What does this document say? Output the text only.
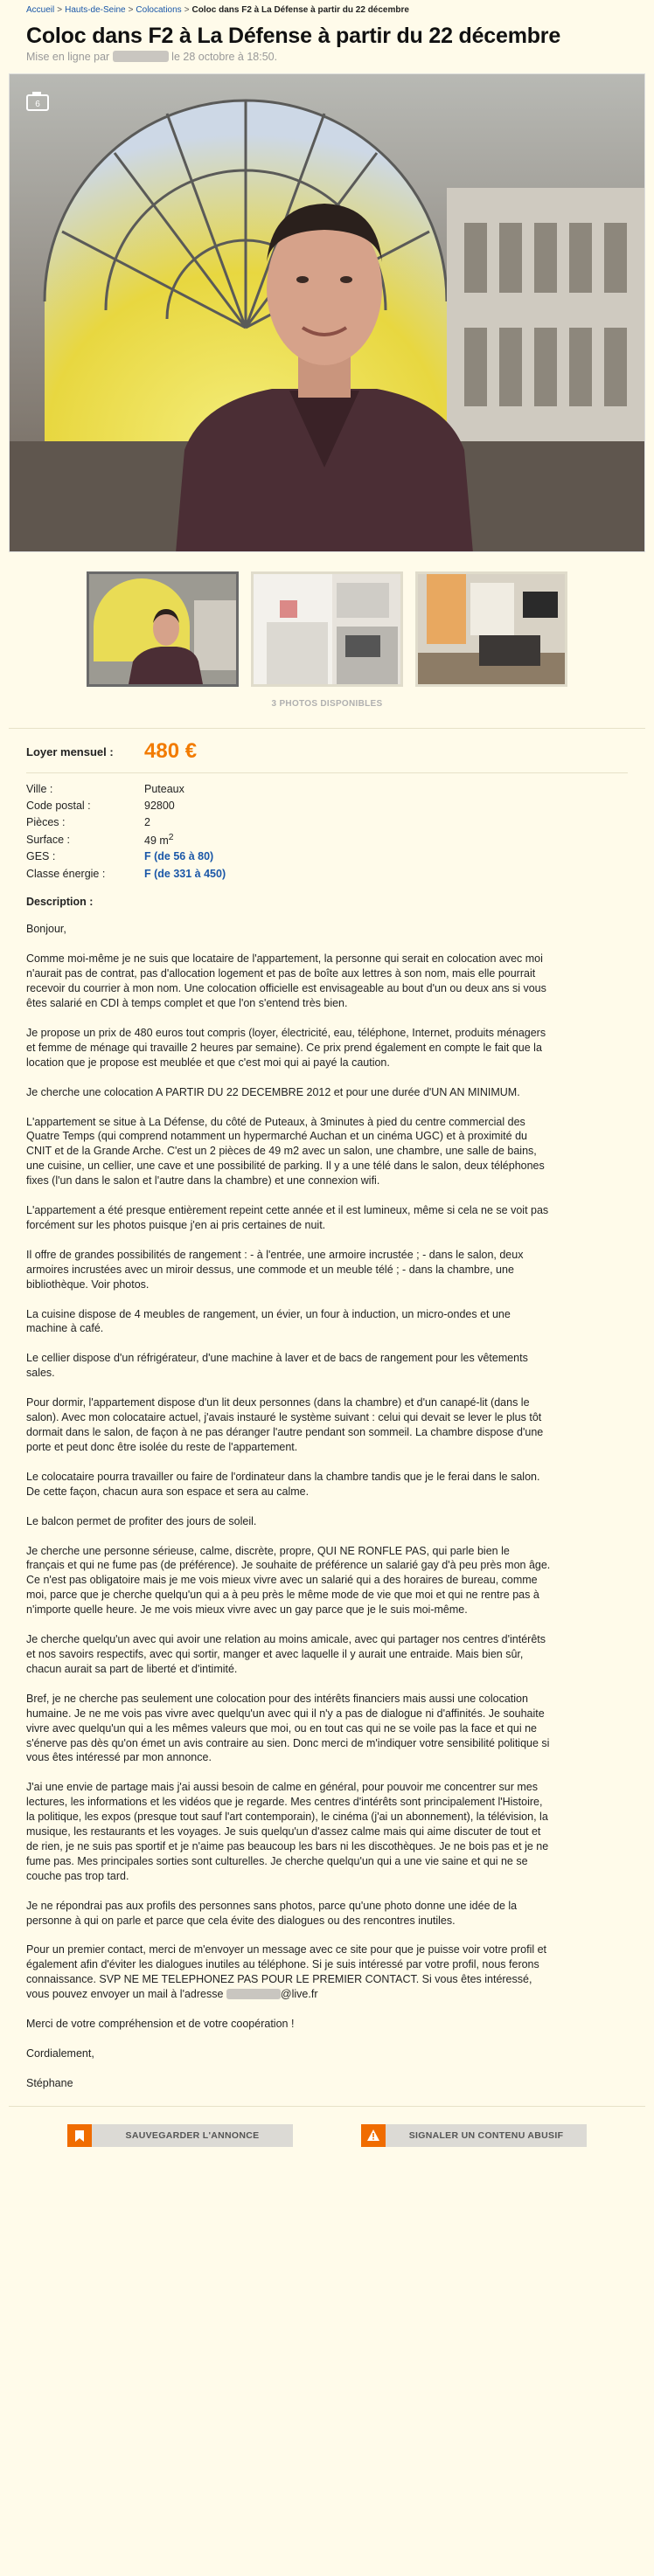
Accueil > Hauts-de-Seine > Colocations > Coloc dans F2 à La Défense à partir du 22 décembre
Coloc dans F2 à La Défense à partir du 22 décembre
Mise en ligne par	le 28 octobre à 18:50.
6
3 PHOTOS DISPONIBLES
Loyer mensuel :	480 €
Ville :	Puteaux
Code postal :	92800
Pièces :	2
Surface :	49 $m^2$
GES :	F (de 56 à 80)
Classe énergie :	F (de 331 à 450)
Description :

Bonjour,

Comme moi-même je ne suis que locataire de l'appartement, la personne qui serait en colocation avec moi n'aurait pas de contrat, pas d'allocation logement et pas de boîte aux lettres à son nom, mais elle pourrait recevoir du courrier à mon nom. Une colocation officielle est envisageable au bout d'un ou deux ans si vous êtes salarié en CDI à temps complet et que l'on s'entend très bien.

Je propose un prix de 480 euros tout compris (loyer, électricité, eau, téléphone, Internet, produits ménagers et femme de ménage qui travaille 2 heures par semaine). Ce prix prend également en compte le fait que la location que je propose est meublée et que c'est moi qui ai payé la caution.

Je cherche une colocation A PARTIR DU 22 DECEMBRE 2012 et pour une durée d'UN AN MINIMUM.

L'appartement se situe à La Défense, du côté de Puteaux, à 3minutes à pied du centre commercial des Quatre Temps (qui comprend notamment un hypermarché Auchan et un cinéma UGC) et à proximité du CNIT et de la Grande Arche. C'est un 2 pièces de 49 m2 avec un salon, une chambre, une salle de bains, une cuisine, un cellier, une cave et une possibilité de parking. Il y a une télé dans le salon, deux téléphones fixes (l'un dans le salon et l'autre dans la chambre) et une connexion wifi.

L'appartement a été presque entièrement repeint cette année et il est lumineux, même si cela ne se voit pas forcément sur les photos puisque j'en ai pris certaines de nuit.

Il offre de grandes possibilités de rangement : - à l'entrée, une armoire incrustée ; - dans le salon, deux armoires incrustées avec un miroir dessus, une commode et un meuble télé ; - dans la chambre, une bibliothèque. Voir photos.

La cuisine dispose de 4 meubles de rangement, un évier, un four à induction, un micro-ondes et une machine à café.

Le cellier dispose d'un réfrigérateur, d'une machine à laver et de bacs de rangement pour les vêtements sales.

Pour dormir, l'appartement dispose d'un lit deux personnes (dans la chambre) et d'un canapé-lit (dans le salon). Avec mon colocataire actuel, j'avais instauré le système suivant : celui qui devait se lever le plus tôt dormait dans le salon, de façon à ne pas déranger l'autre pendant son sommeil. La chambre dispose d'une porte et peut donc être isolée du reste de l'appartement.

Le colocataire pourra travailler ou faire de l'ordinateur dans la chambre tandis que je le ferai dans le salon. De cette façon, chacun aura son espace et sera au calme.

Le balcon permet de profiter des jours de soleil.

Je cherche une personne sérieuse, calme, discrète, propre, QUI NE RONFLE PAS, qui parle bien le français et qui ne fume pas (de préférence). Je souhaite de préférence un salarié gay d'à peu près mon âge. Ce n'est pas obligatoire mais je me vois mieux vivre avec un salarié qui a des horaires de bureau, comme moi, parce que je cherche quelqu'un qui a à peu près le même mode de vie que moi et qui ne rentre pas à n'importe quelle heure. Je me vois mieux vivre avec un gay parce que je le suis moi-même.

Je cherche quelqu'un avec qui avoir une relation au moins amicale, avec qui partager nos centres d'intérêts et nos savoirs respectifs, avec qui sortir, manger et avec laquelle il y aurait une entraide. Mais bien sûr, chacun aurait sa part de liberté et d'intimité.

Bref, je ne cherche pas seulement une colocation pour des intérêts financiers mais aussi une colocation humaine. Je ne me vois pas vivre avec quelqu'un avec qui il n'y a pas de dialogue ni d'affinités. Je souhaite vivre avec quelqu'un qui a les mêmes valeurs que moi, ou en tout cas qui ne se voile pas la face et qui ne s'énerve pas dès qu'on émet un avis contraire au sien. Donc merci de m'indiquer votre sensibilité politique si vous êtes intéressé par mon annonce.

J'ai une envie de partage mais j'ai aussi besoin de calme en général, pour pouvoir me concentrer sur mes lectures, les informations et les vidéos que je regarde. Mes centres d'intérêts sont principalement l'Histoire, la politique, les expos (presque tout sauf l'art contemporain), le cinéma (j'ai un abonnement), la télévision, la musique, les restaurants et les voyages. Je suis quelqu'un d'assez calme mais qui aime discuter de tout et de rien, je ne suis pas sportif et je n'aime pas beaucoup les bars ni les discothèques. Je ne bois pas et je ne fume pas. Mes principales sorties sont culturelles. Je cherche quelqu'un qui a une vie saine et qui ne se couche pas trop tard.

Je ne répondrai pas aux profils des personnes sans photos, parce qu'une photo donne une idée de la personne à qui on parle et parce que cela évite des dialogues ou des rencontres inutiles.

Pour un premier contact, merci de m'envoyer un message avec ce site pour que je puisse voir votre profil et également afin d'éviter les dialogues inutiles au téléphone. Si je suis intéressé par votre profil, nous ferons connaissance. SVP NE ME TELEPHONEZ PAS POUR LE PREMIER CONTACT. Si vous êtes intéressé, vous pouvez envoyer un mail à l'adresse	@live.fr

Merci de votre compréhension et de votre coopération !

Cordialement,

Stéphane

SAUVEGARDER L'ANNONCE	SIGNALER UN CONTENU ABUSIF
